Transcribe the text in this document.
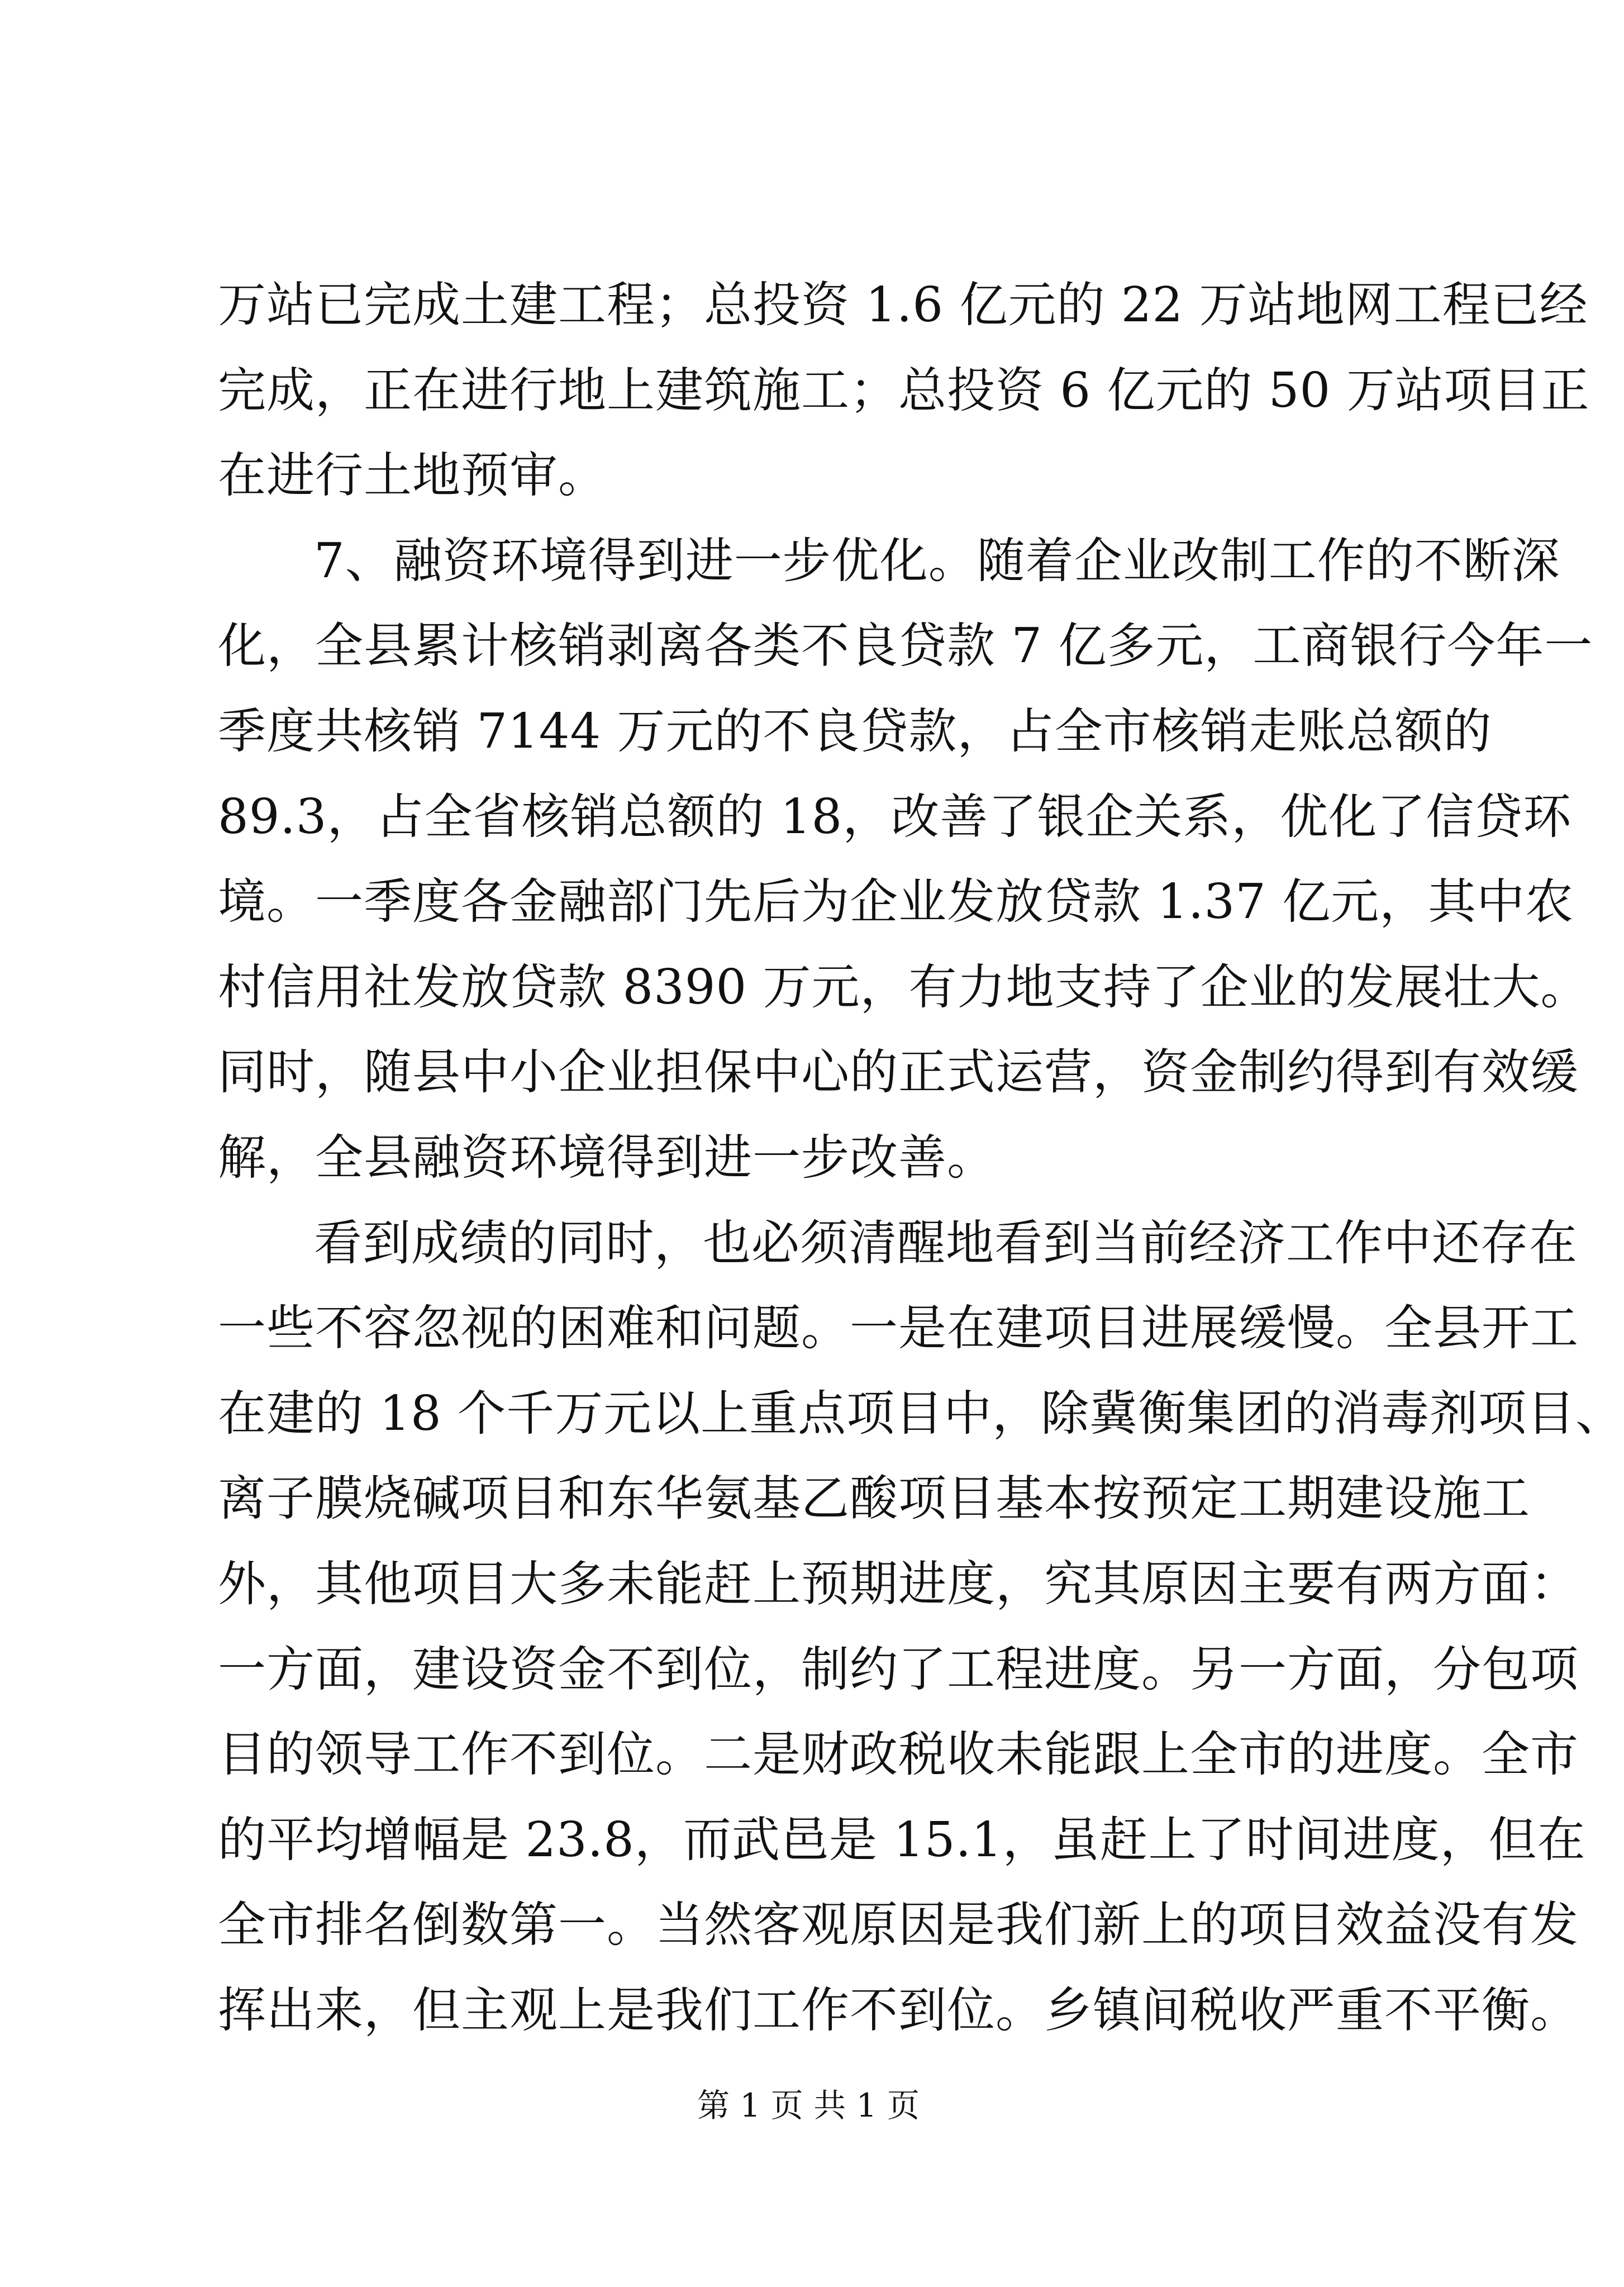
万站已完成土建工程；总投资 1.6 亿元的 22 万站地网工程已经
完成，正在进行地上建筑施工；总投资 6 亿元的 50 万站项目正
在进行土地预审。
7、融资环境得到进一步优化。随着企业改制工作的不断深
化，全县累计核销剥离各类不良贷款 7 亿多元，工商银行今年一
季度共核销 7144 万元的不良贷款，占全市核销走账总额的
89.3，占全省核销总额的 18，改善了银企关系，优化了信贷环
境。一季度各金融部门先后为企业发放贷款 1.37 亿元，其中农
村信用社发放贷款 8390 万元，有力地支持了企业的发展壮大。
同时，随县中小企业担保中心的正式运营，资金制约得到有效缓
解，全县融资环境得到进一步改善。
看到成绩的同时，也必须清醒地看到当前经济工作中还存在
一些不容忽视的困难和问题。一是在建项目进展缓慢。全县开工
在建的 18 个千万元以上重点项目中，除冀衡集团的消毒剂项目、
离子膜烧碱项目和东华氨基乙酸项目基本按预定工期建设施工
外，其他项目大多未能赶上预期进度，究其原因主要有两方面：
一方面，建设资金不到位，制约了工程进度。另一方面，分包项
目的领导工作不到位。二是财政税收未能跟上全市的进度。全市
的平均增幅是 23.8，而武邑是 15.1，虽赶上了时间进度，但在
全市排名倒数第一。当然客观原因是我们新上的项目效益没有发
挥出来，但主观上是我们工作不到位。乡镇间税收严重不平衡。
第 1 页 共 1 页
